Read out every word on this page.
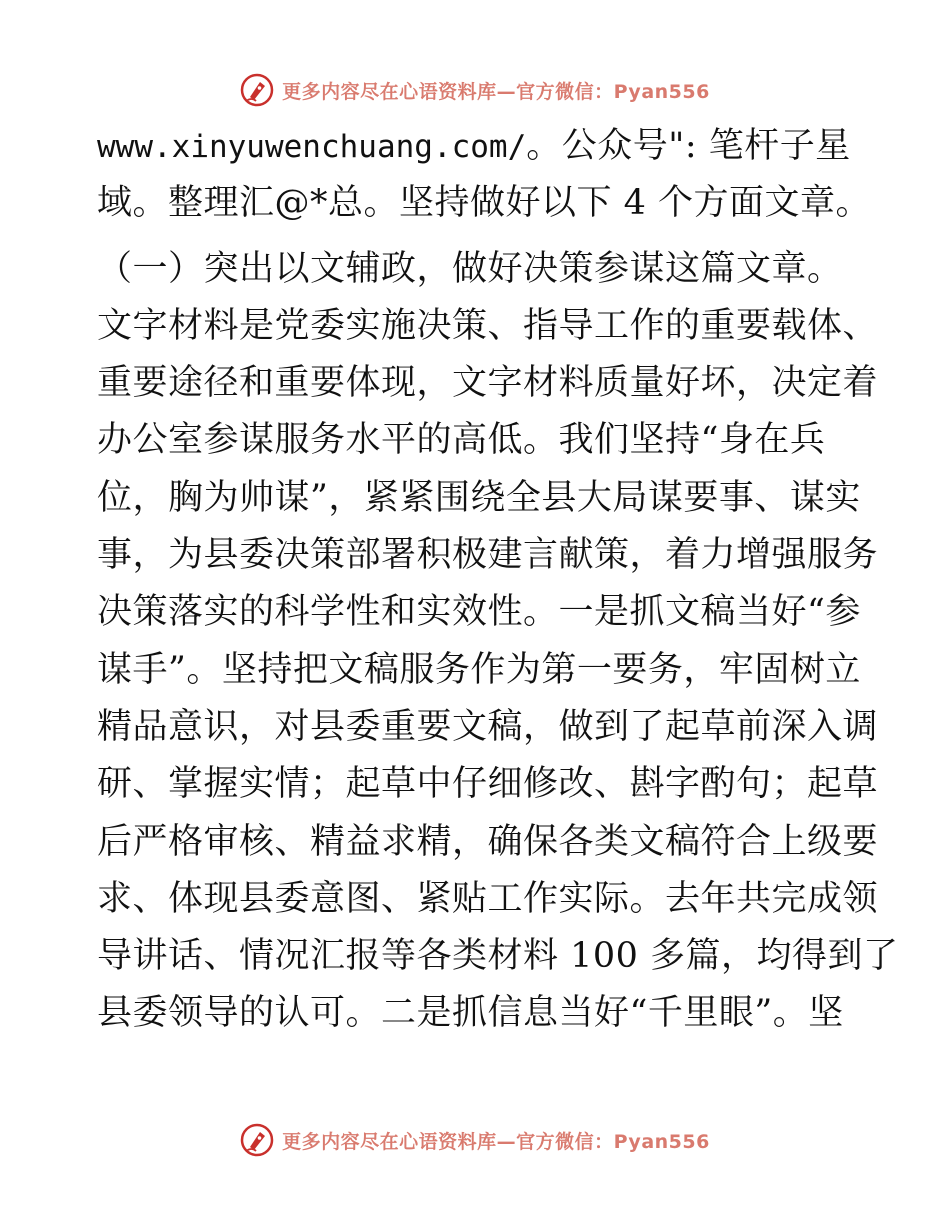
更多内容尽在心语资料库—官方微信：Pyan556
www.xinyuwenchuang.com/。公众号": 笔杆子星
域。整理汇@*总。坚持做好以下 4 个方面文章。
（一）突出以文辅政，做好决策参谋这篇文章。
文字材料是党委实施决策、指导工作的重要载体、
重要途径和重要体现，文字材料质量好坏，决定着
办公室参谋服务水平的高低。我们坚持“身在兵
位，胸为帅谋”，紧紧围绕全县大局谋要事、谋实
事，为县委决策部署积极建言献策，着力增强服务
决策落实的科学性和实效性。一是抓文稿当好“参
谋手”。坚持把文稿服务作为第一要务，牢固树立
精品意识，对县委重要文稿，做到了起草前深入调
研、掌握实情；起草中仔细修改、斟字酌句；起草
后严格审核、精益求精，确保各类文稿符合上级要
求、体现县委意图、紧贴工作实际。去年共完成领
导讲话、情况汇报等各类材料 100 多篇，均得到了
县委领导的认可。二是抓信息当好“千里眼”。坚
更多内容尽在心语资料库—官方微信：Pyan556
